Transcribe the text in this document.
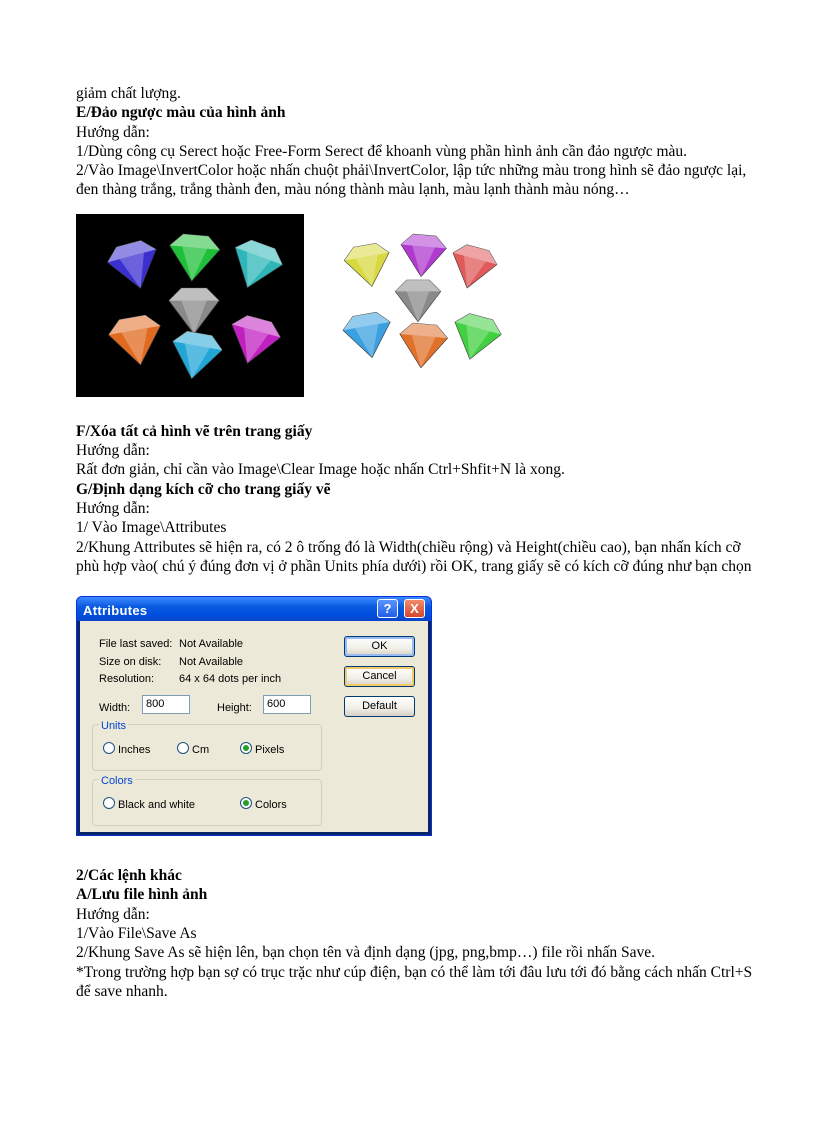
giảm chất lượng.

E/Đảo ngược màu của hình ảnh

Hướng dẫn:

1/Dùng công cụ Serect hoặc Free-Form Serect để khoanh vùng phần hình ảnh cần đảo ngược màu.

2/Vào Image\InvertColor hoặc nhấn chuột phải\InvertColor, lập tức những màu trong hình sẽ đảo ngược lại, đen thàng trắng, trắng thành đen, màu nóng thành màu lạnh, màu lạnh thành màu nóng…

F/Xóa tất cả hình vẽ trên trang giấy

Hướng dẫn:

Rất đơn giản, chỉ cần vào Image\Clear Image hoặc nhấn Ctrl+Shfit+N là xong.

G/Định dạng kích cỡ cho trang giấy vẽ

Hướng dẫn:

1/ Vào Image\Attributes

2/Khung Attributes sẽ hiện ra, có 2 ô trống đó là Width(chiều rộng) và Height(chiều cao), bạn nhấn kích cỡ phù hợp vào( chú ý đúng đơn vị ở phần Units phía dưới) rồi OK, trang giấy sẽ có kích cỡ đúng như bạn chọn

Attributes	?	X
File last saved: Not Available
Size on disk: Not Available
Resolution: 64 x 64 dots per inch
Width:	800	Height:	600
OK
Cancel
Default
Units
Inches	Cm	Pixels
Colors
Black and white	Colors

2/Các lệnh khác

A/Lưu file hình ảnh

Hướng dẫn:

1/Vào File\Save As

2/Khung Save As sẽ hiện lên, bạn chọn tên và định dạng (jpg, png,bmp…) file rồi nhấn Save.

*Trong trường hợp bạn sợ có trục trặc như cúp điện, bạn có thể làm tới đâu lưu tới đó bằng cách nhấn Ctrl+S để save nhanh.
